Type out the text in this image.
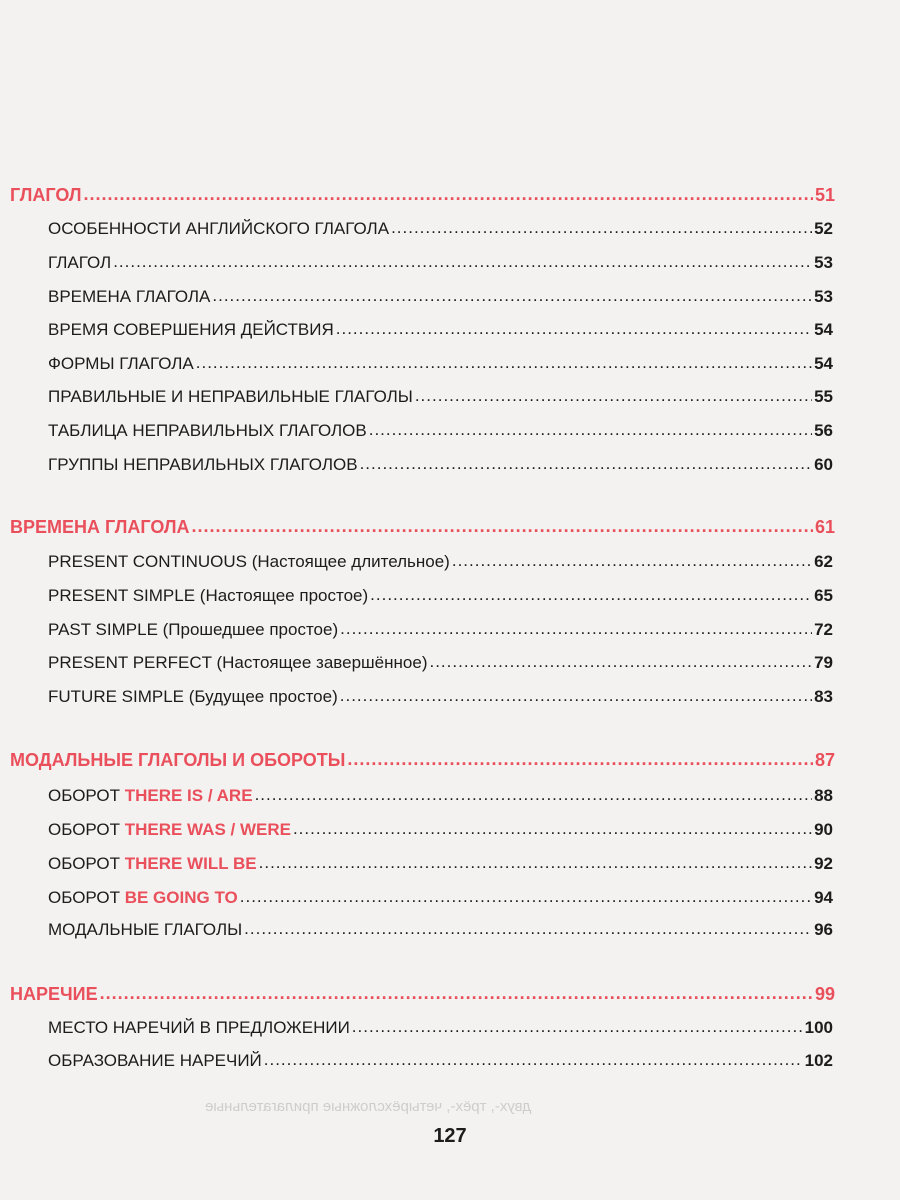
двух-, трёх-, четырёхсложные прилагательные
ГЛАГОЛ .....	51
ОСОБЕННОСТИ АНГЛИЙСКОГО ГЛАГОЛА .....	52
ГЛАГОЛ .....	53
ВРЕМЕНА ГЛАГОЛА .....	53
ВРЕМЯ СОВЕРШЕНИЯ ДЕЙСТВИЯ .....	54
ФОРМЫ ГЛАГОЛА .....	54
ПРАВИЛЬНЫЕ И НЕПРАВИЛЬНЫЕ ГЛАГОЛЫ .....	55
ТАБЛИЦА НЕПРАВИЛЬНЫХ ГЛАГОЛОВ .....	56
ГРУППЫ НЕПРАВИЛЬНЫХ ГЛАГОЛОВ .....	60
ВРЕМЕНА ГЛАГОЛА .....	61
PRESENT CONTINUOUS (Настоящее длительное) .....	62
PRESENT SIMPLE (Настоящее простое) .....	65
PAST SIMPLE (Прошедшее простое) .....	72
PRESENT PERFECT (Настоящее завершённое) .....	79
FUTURE SIMPLE (Будущее простое) .....	83
МОДАЛЬНЫЕ ГЛАГОЛЫ И ОБОРОТЫ .....	87
ОБОРОТ THERE IS / ARE .....	88
ОБОРОТ THERE WAS / WERE .....	90
ОБОРОТ THERE WILL BE .....	92
ОБОРОТ BE GOING TO .....	94
МОДАЛЬНЫЕ ГЛАГОЛЫ .....	96
НАРЕЧИЕ .....	99
МЕСТО НАРЕЧИЙ В ПРЕДЛОЖЕНИИ .....	100
ОБРАЗОВАНИЕ НАРЕЧИЙ .....	102
127
